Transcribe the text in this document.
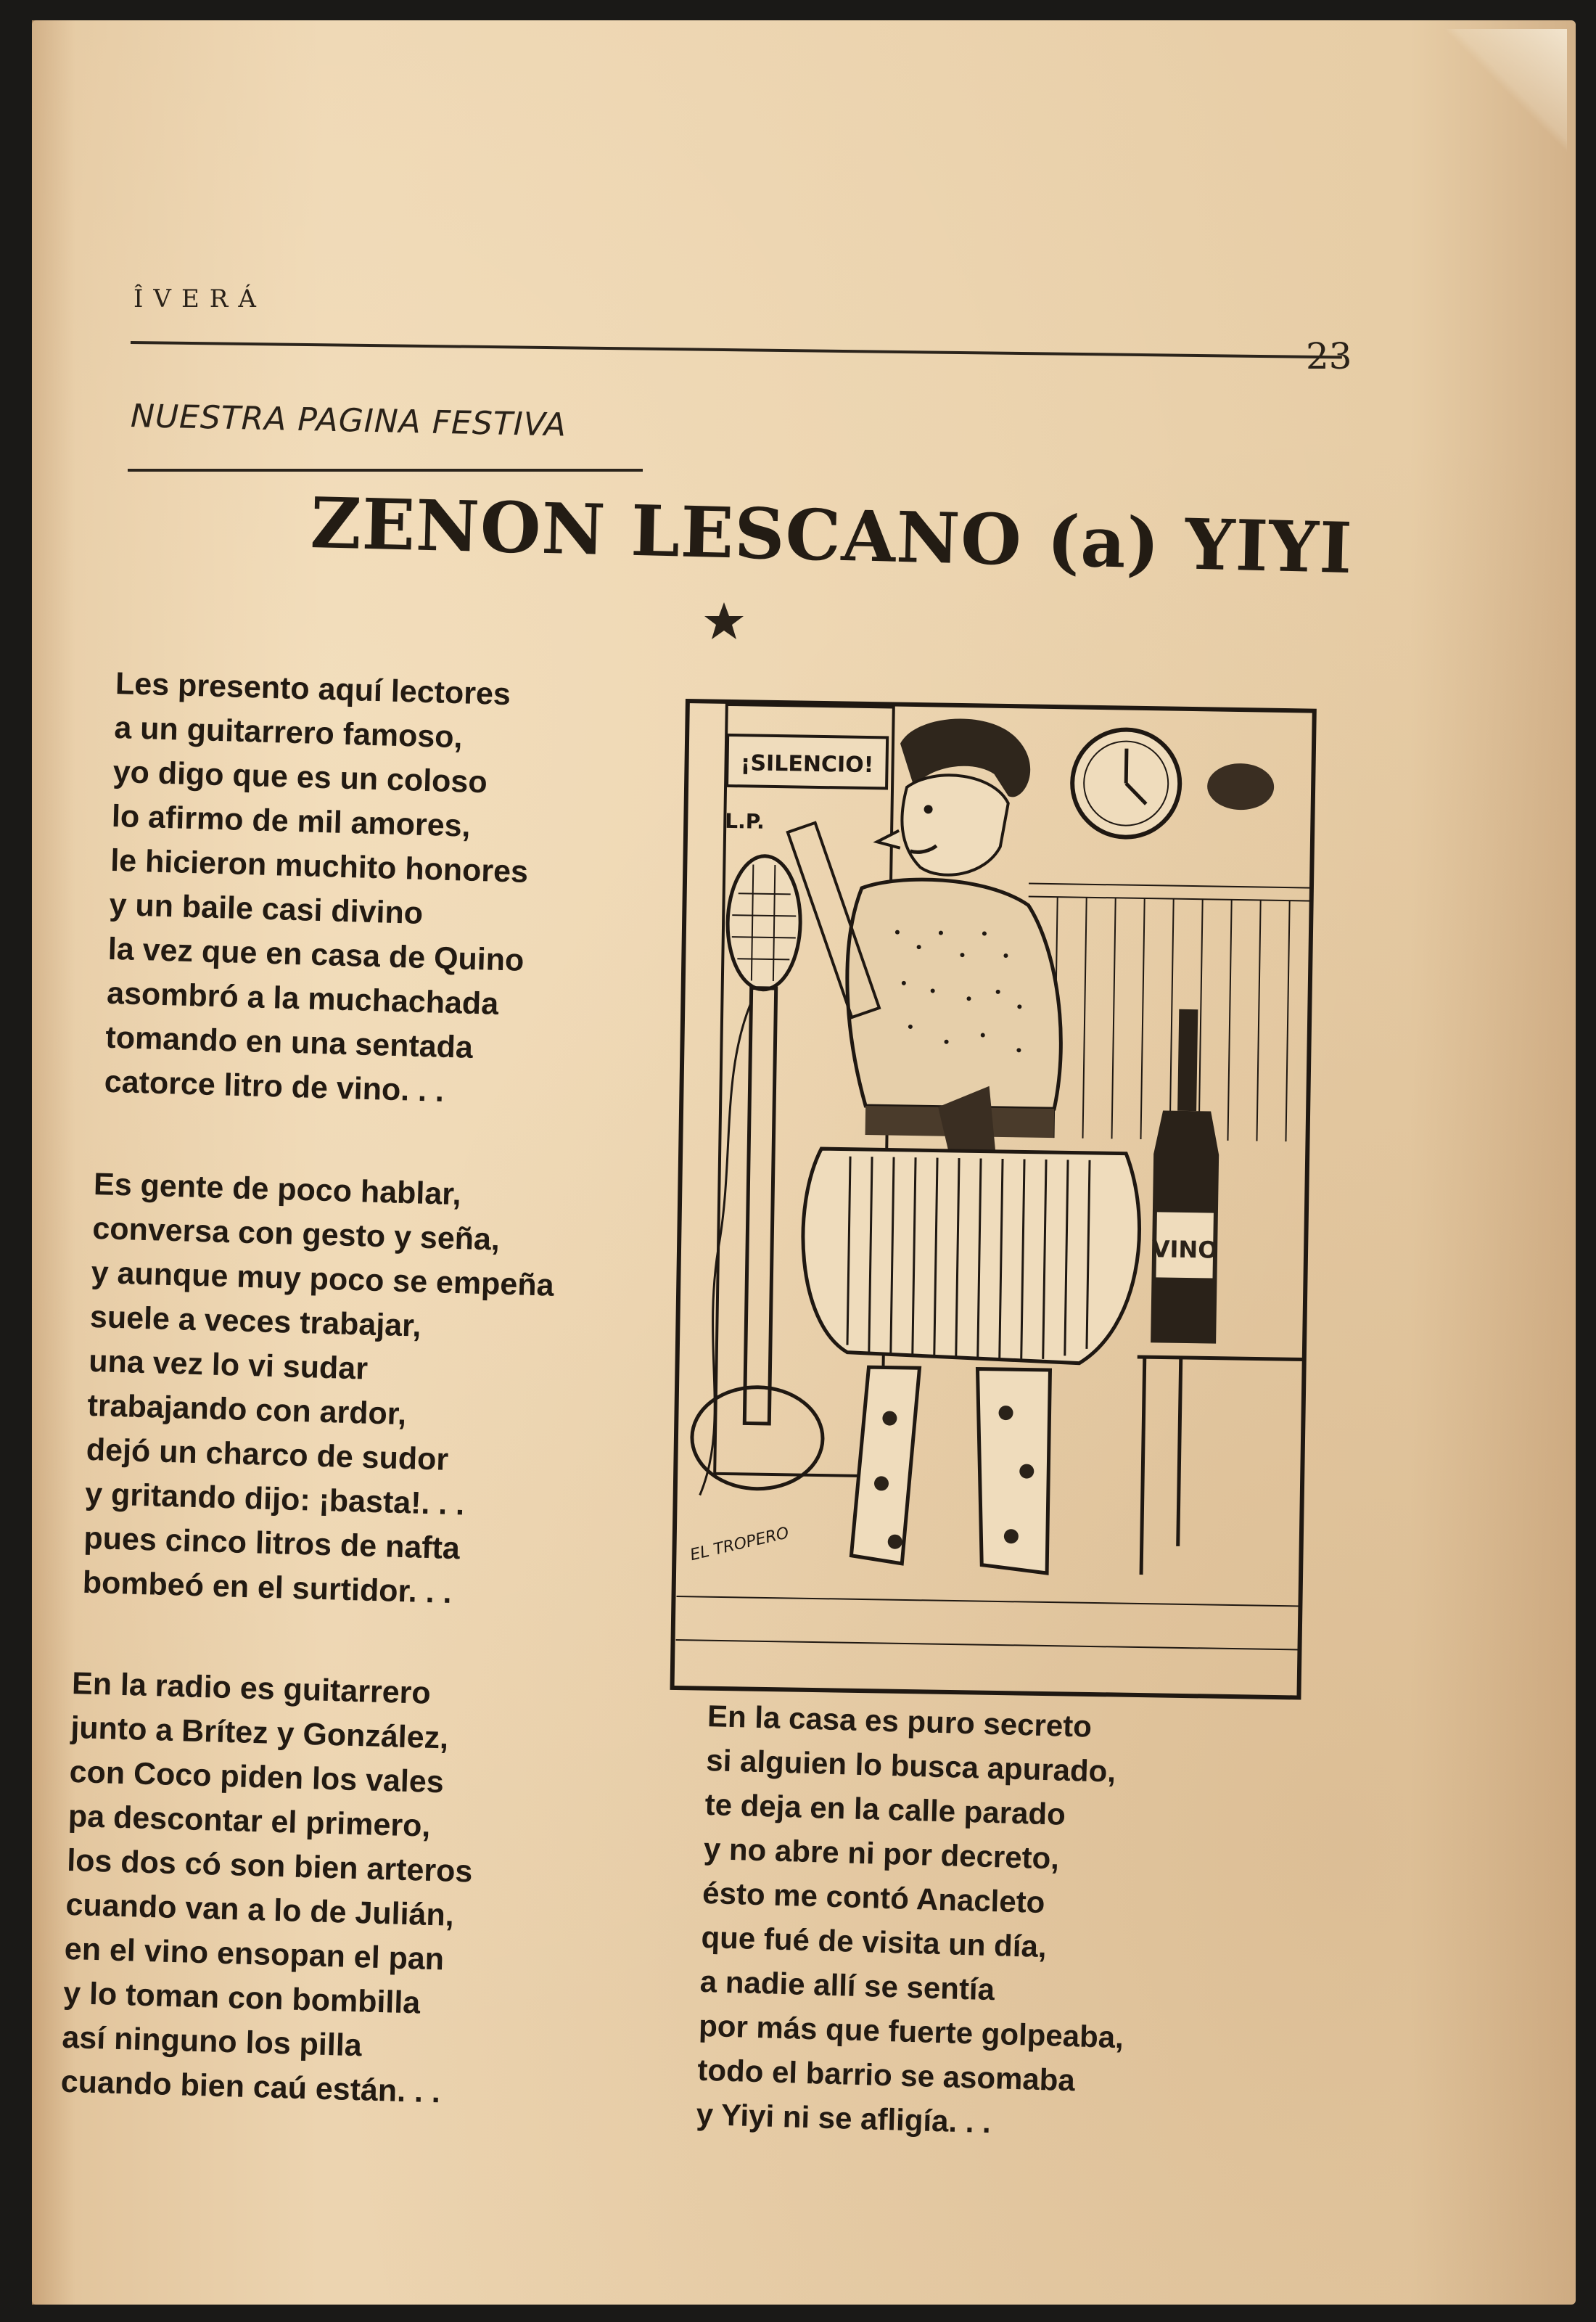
ÎVERÁ
23
NUESTRA PAGINA FESTIVA
ZENON LESCANO (a) YIYI
Les presento aquí lectores
a un guitarrero famoso,
yo digo que es un coloso
lo afirmo de mil amores,
le hicieron muchito honores
y un baile casi divino
la vez que en casa de Quino
asombró a la muchachada
tomando en una sentada
catorce litro de vino. . .
Es gente de poco hablar,
conversa con gesto y seña,
y aunque muy poco se empeña
suele a veces trabajar,
una vez lo vi sudar
trabajando con ardor,
dejó un charco de sudor
y gritando dijo: ¡basta!. . .
pues cinco litros de nafta
bombeó en el surtidor. . .
En la radio es guitarrero
junto a Brítez y González,
con Coco piden los vales
pa descontar el primero,
los dos có son bien arteros
cuando van a lo de Julián,
en el vino ensopan el pan
y lo toman con bombilla
así ninguno los pilla
cuando bien caú están. . .
En la casa es puro secreto
si alguien lo busca apurado,
te deja en la calle parado
y no abre ni por decreto,
ésto me contó Anacleto
que fué de visita un día,
a nadie allí se sentía
por más que fuerte golpeaba,
todo el barrio se asomaba
y Yiyi ni se afligía. . .
¡SILENCIO!
L.P.
VINO
EL TROPERO
